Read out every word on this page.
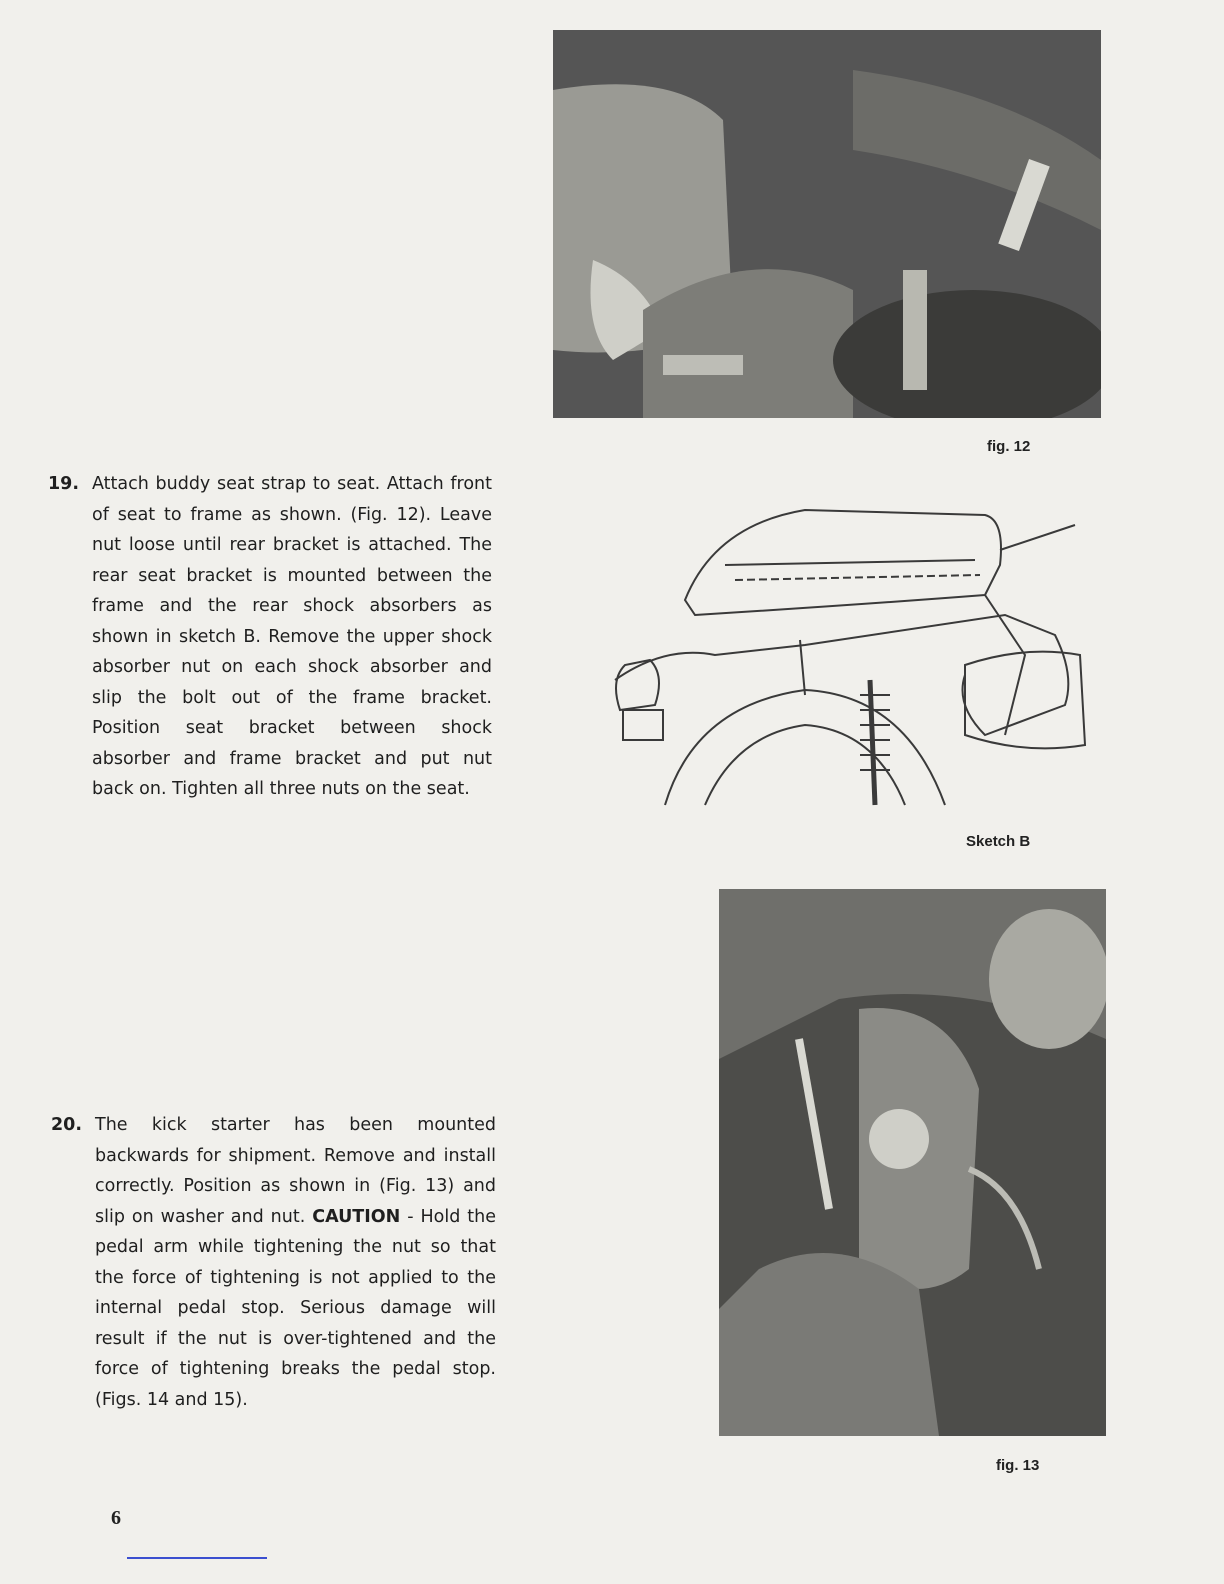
fig. 12
19. Attach buddy seat strap to seat. Attach front of seat to frame as shown. (Fig. 12). Leave nut loose until rear bracket is attached. The rear seat bracket is mounted between the frame and the rear shock absorbers as shown in sketch B. Remove the upper shock absorber nut on each shock absorber and slip the bolt out of the frame bracket. Position seat bracket between shock absorber and frame bracket and put nut back on. Tighten all three nuts on the seat.

Sketch B
fig. 13
20. The kick starter has been mounted backwards for shipment. Remove and install correctly. Position as shown in (Fig. 13) and slip on washer and nut. CAUTION - Hold the pedal arm while tightening the nut so that the force of tightening is not applied to the internal pedal stop. Serious damage will result if the nut is over-tightened and the force of tightening breaks the pedal stop. (Figs. 14 and 15).

6
